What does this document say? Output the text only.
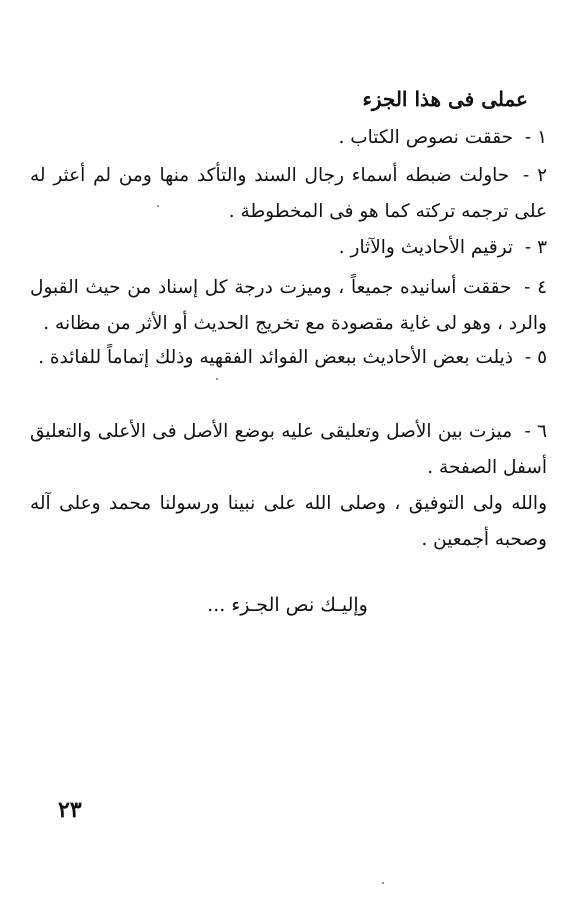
عملى فى هذا الجزء
١ - حققت نصوص الكتاب .
٢ - حاولت ضبطه أسماء رجال السند والتأكد منها ومن لم أعثر له على ترجمه تركته كما هو فى المخطوطة .
٣ - ترقيم الأحاديث والآثار .
٤ - حققت أسانيده جميعاً ، وميزت درجة كل إسناد من حيث القبول والرد ، وهو لى غاية مقصودة مع تخريج الحديث أو الأثر من مظانه .
٥ - ذيلت بعض الأحاديث ببعض الفوائد الفقهيه وذلك إتماماً للفائدة .
٦ - ميزت بين الأصل وتعليقى عليه بوضع الأصل فى الأعلى والتعليق أسفل الصفحة .
والله ولى التوفيق ، وصلى الله على نبينا ورسولنا محمد وعلى آله وصحبه أجمعين .
وإليـك نص الجـزء ...
٢٣
